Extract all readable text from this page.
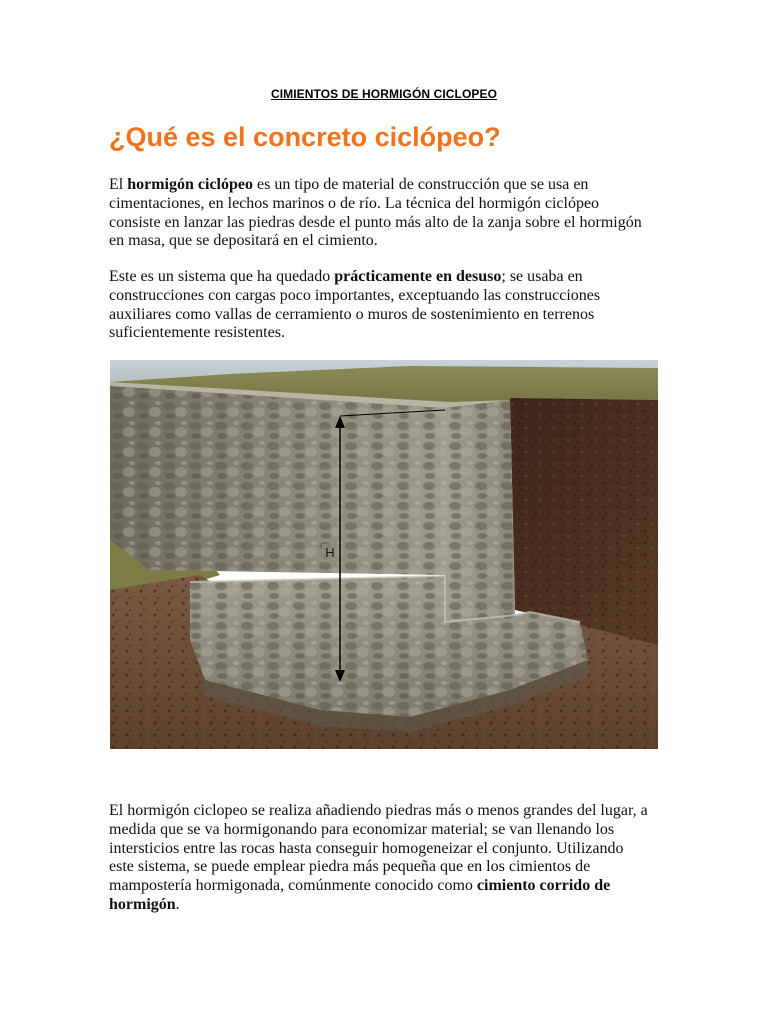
CIMIENTOS DE HORMIGÓN CICLOPEO
¿Qué es el concreto ciclópeo?

El hormigón ciclópeo es un tipo de material de construcción que se usa en cimentaciones, en lechos marinos o de río. La técnica del hormigón ciclópeo consiste en lanzar las piedras desde el punto más alto de la zanja sobre el hormigón en masa, que se depositará en el cimiento.

Este es un sistema que ha quedado prácticamente en desuso; se usaba en construcciones con cargas poco importantes, exceptuando las construcciones auxiliares como vallas de cerramiento o muros de sostenimiento en terrenos suficientemente resistentes.

H

El hormigón ciclopeo se realiza añadiendo piedras más o menos grandes del lugar, a medida que se va hormigonando para economizar material; se van llenando los intersticios entre las rocas hasta conseguir homogeneizar el conjunto. Utilizando este sistema, se puede emplear piedra más pequeña que en los cimientos de mampostería hormigonada, comúnmente conocido como cimiento corrido de hormigón.
